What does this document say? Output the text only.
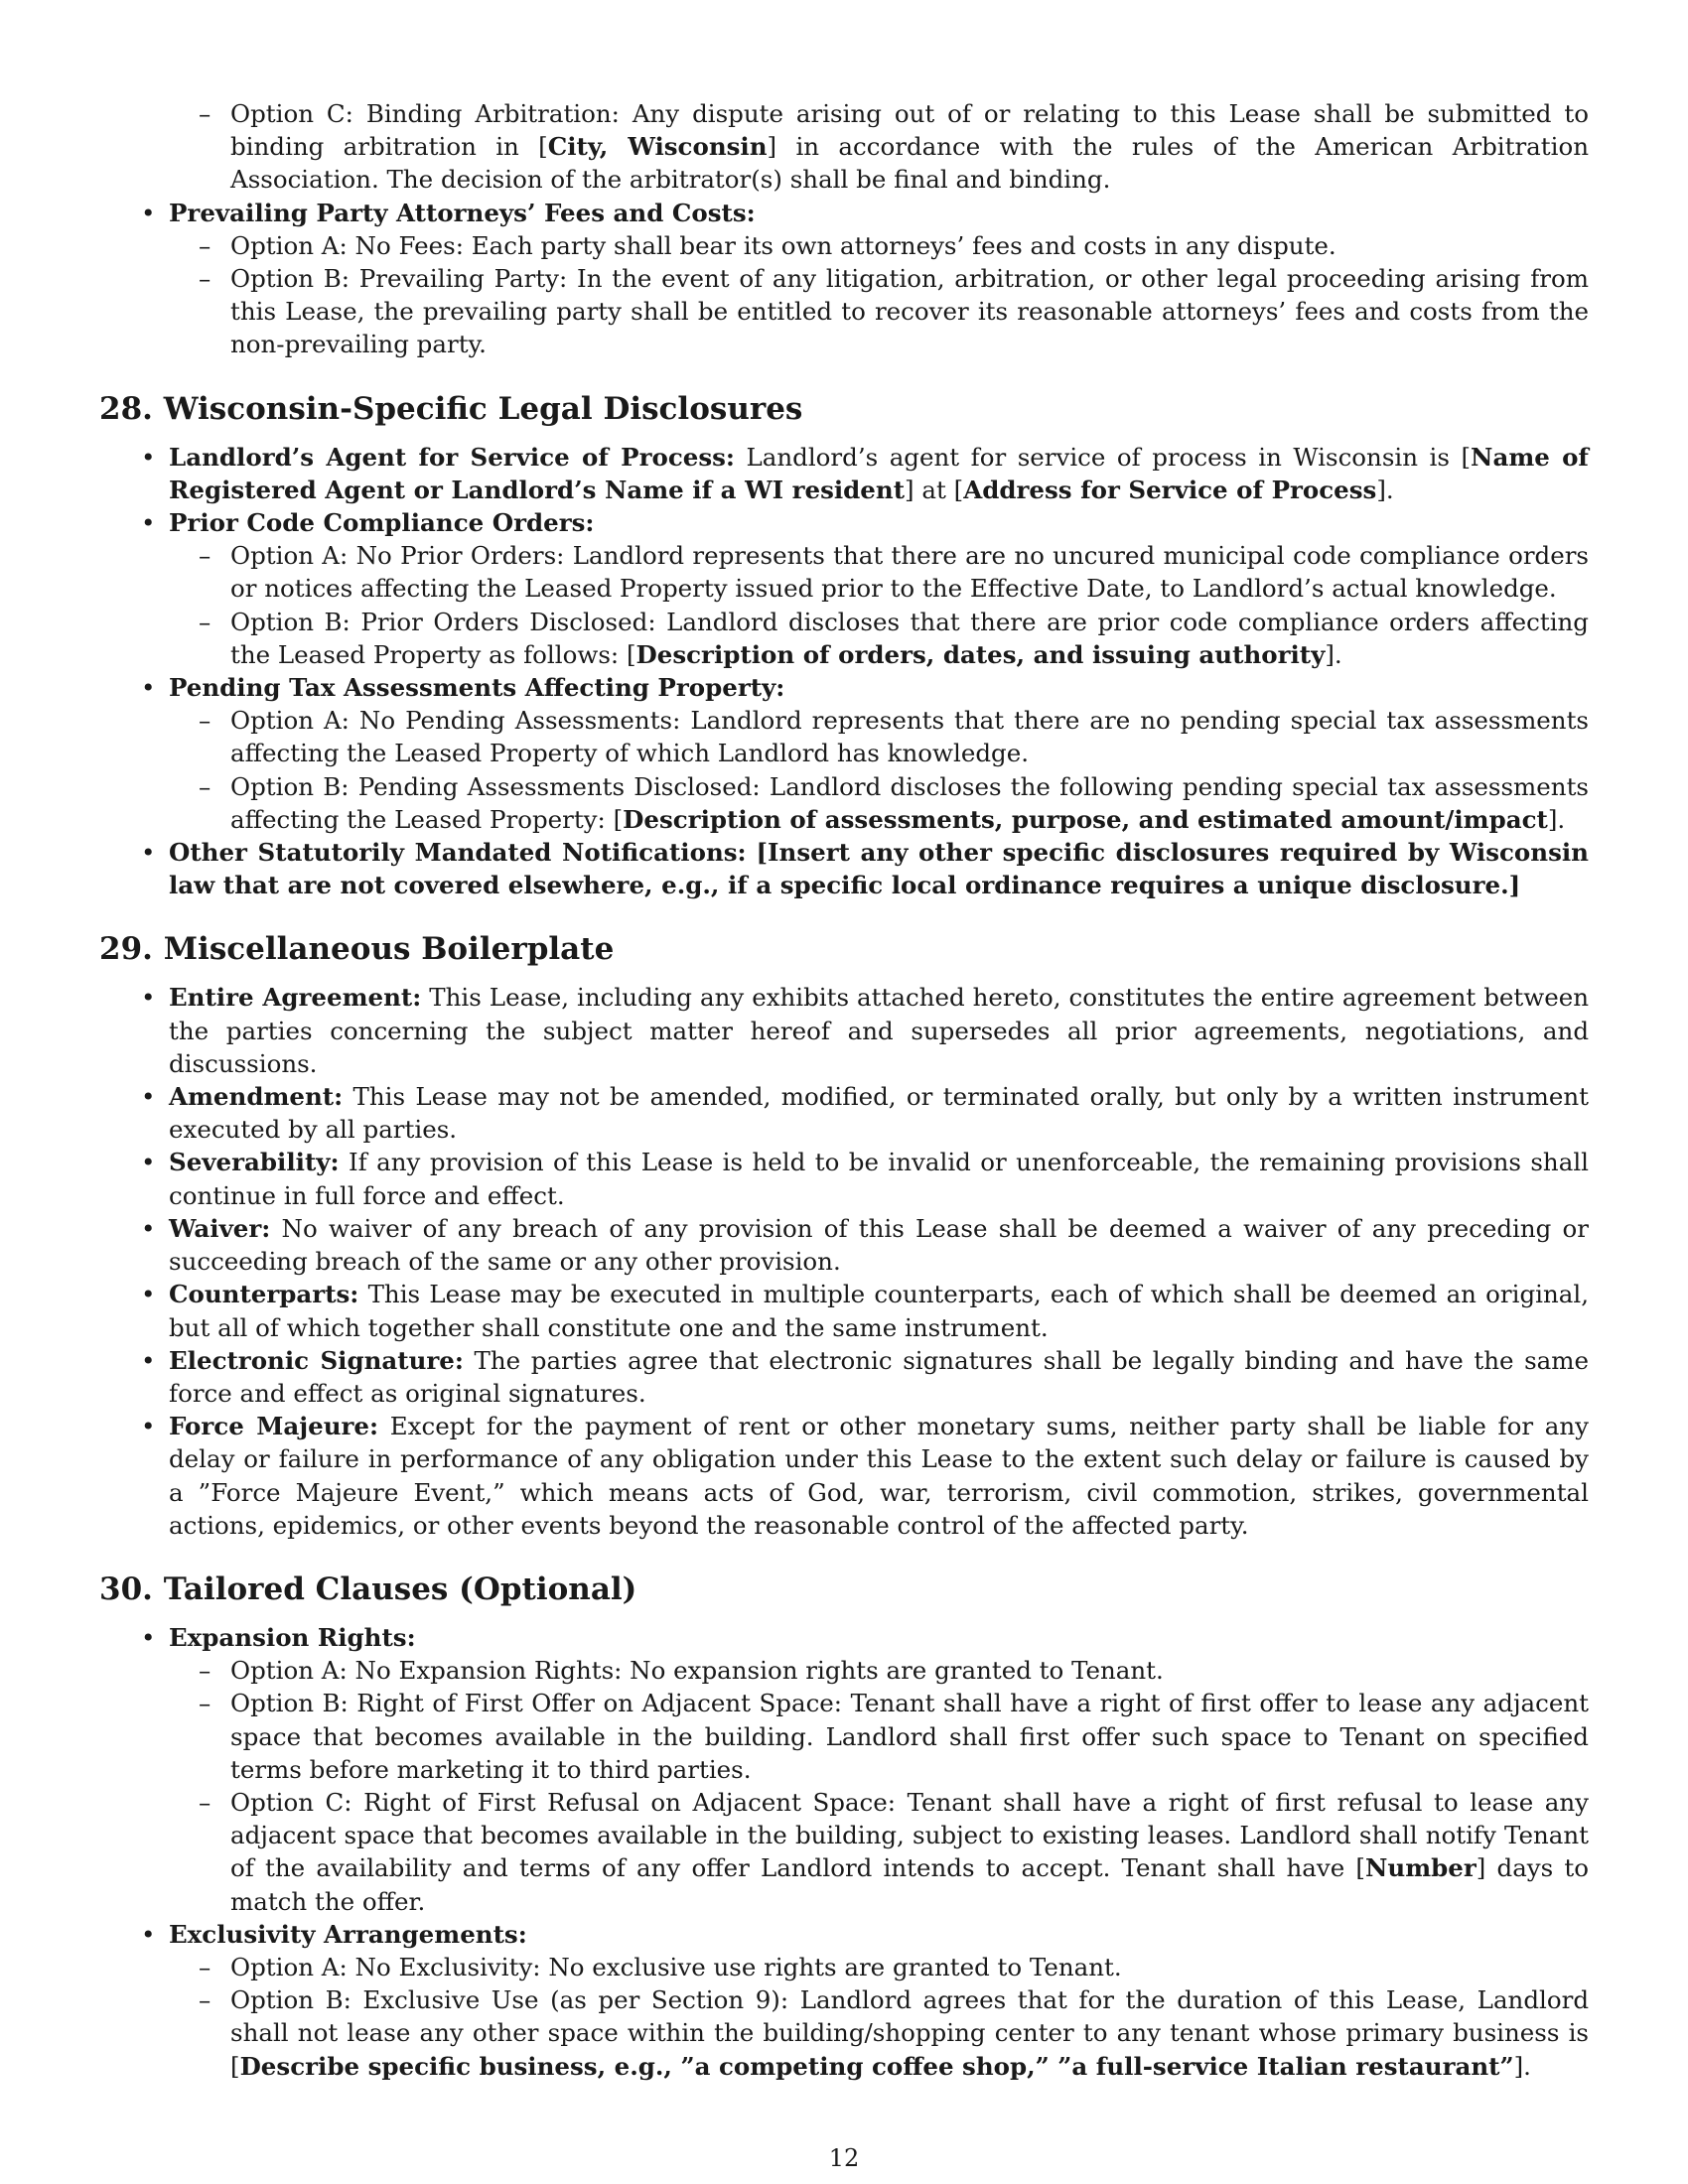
– Option C: Binding Arbitration: Any dispute arising out of or relating to this Lease shall be submitted to binding arbitration in [City, Wisconsin] in accordance with the rules of the American Arbitration Association. The decision of the arbitrator(s) shall be final and binding.
• Prevailing Party Attorneys’ Fees and Costs:
– Option A: No Fees: Each party shall bear its own attorneys’ fees and costs in any dispute.
– Option B: Prevailing Party: In the event of any litigation, arbitration, or other legal proceeding arising from this Lease, the prevailing party shall be entitled to recover its reasonable attorneys’ fees and costs from the non-prevailing party.
28. Wisconsin-Specific Legal Disclosures
• Landlord’s Agent for Service of Process: Landlord’s agent for service of process in Wisconsin is [Name of Registered Agent or Landlord’s Name if a WI resident] at [Address for Service of Process].
• Prior Code Compliance Orders:
– Option A: No Prior Orders: Landlord represents that there are no uncured municipal code compliance orders or notices affecting the Leased Property issued prior to the Effective Date, to Landlord’s actual knowledge.
– Option B: Prior Orders Disclosed: Landlord discloses that there are prior code compliance orders affecting the Leased Property as follows: [Description of orders, dates, and issuing authority].
• Pending Tax Assessments Affecting Property:
– Option A: No Pending Assessments: Landlord represents that there are no pending special tax assessments affecting the Leased Property of which Landlord has knowledge.
– Option B: Pending Assessments Disclosed: Landlord discloses the following pending special tax assessments affecting the Leased Property: [Description of assessments, purpose, and estimated amount/impact].
• Other Statutorily Mandated Notifications: [Insert any other specific disclosures required by Wisconsin law that are not covered elsewhere, e.g., if a specific local ordinance requires a unique disclosure.]
29. Miscellaneous Boilerplate
• Entire Agreement: This Lease, including any exhibits attached hereto, constitutes the entire agreement between the parties concerning the subject matter hereof and supersedes all prior agreements, negotiations, and discussions.
• Amendment: This Lease may not be amended, modified, or terminated orally, but only by a written instrument executed by all parties.
• Severability: If any provision of this Lease is held to be invalid or unenforceable, the remaining provisions shall continue in full force and effect.
• Waiver: No waiver of any breach of any provision of this Lease shall be deemed a waiver of any preceding or succeeding breach of the same or any other provision.
• Counterparts: This Lease may be executed in multiple counterparts, each of which shall be deemed an original, but all of which together shall constitute one and the same instrument.
• Electronic Signature: The parties agree that electronic signatures shall be legally binding and have the same force and effect as original signatures.
• Force Majeure: Except for the payment of rent or other monetary sums, neither party shall be liable for any delay or failure in performance of any obligation under this Lease to the extent such delay or failure is caused by a ”Force Majeure Event,” which means acts of God, war, terrorism, civil commotion, strikes, governmental actions, epidemics, or other events beyond the reasonable control of the affected party.
30. Tailored Clauses (Optional)
• Expansion Rights:
– Option A: No Expansion Rights: No expansion rights are granted to Tenant.
– Option B: Right of First Offer on Adjacent Space: Tenant shall have a right of first offer to lease any adjacent space that becomes available in the building. Landlord shall first offer such space to Tenant on specified terms before marketing it to third parties.
– Option C: Right of First Refusal on Adjacent Space: Tenant shall have a right of first refusal to lease any adjacent space that becomes available in the building, subject to existing leases. Landlord shall notify Tenant of the availability and terms of any offer Landlord intends to accept. Tenant shall have [Number] days to match the offer.
• Exclusivity Arrangements:
– Option A: No Exclusivity: No exclusive use rights are granted to Tenant.
– Option B: Exclusive Use (as per Section 9): Landlord agrees that for the duration of this Lease, Landlord shall not lease any other space within the building/shopping center to any tenant whose primary business is [Describe specific business, e.g., ”a competing coffee shop,” ”a full-service Italian restaurant”].
12
